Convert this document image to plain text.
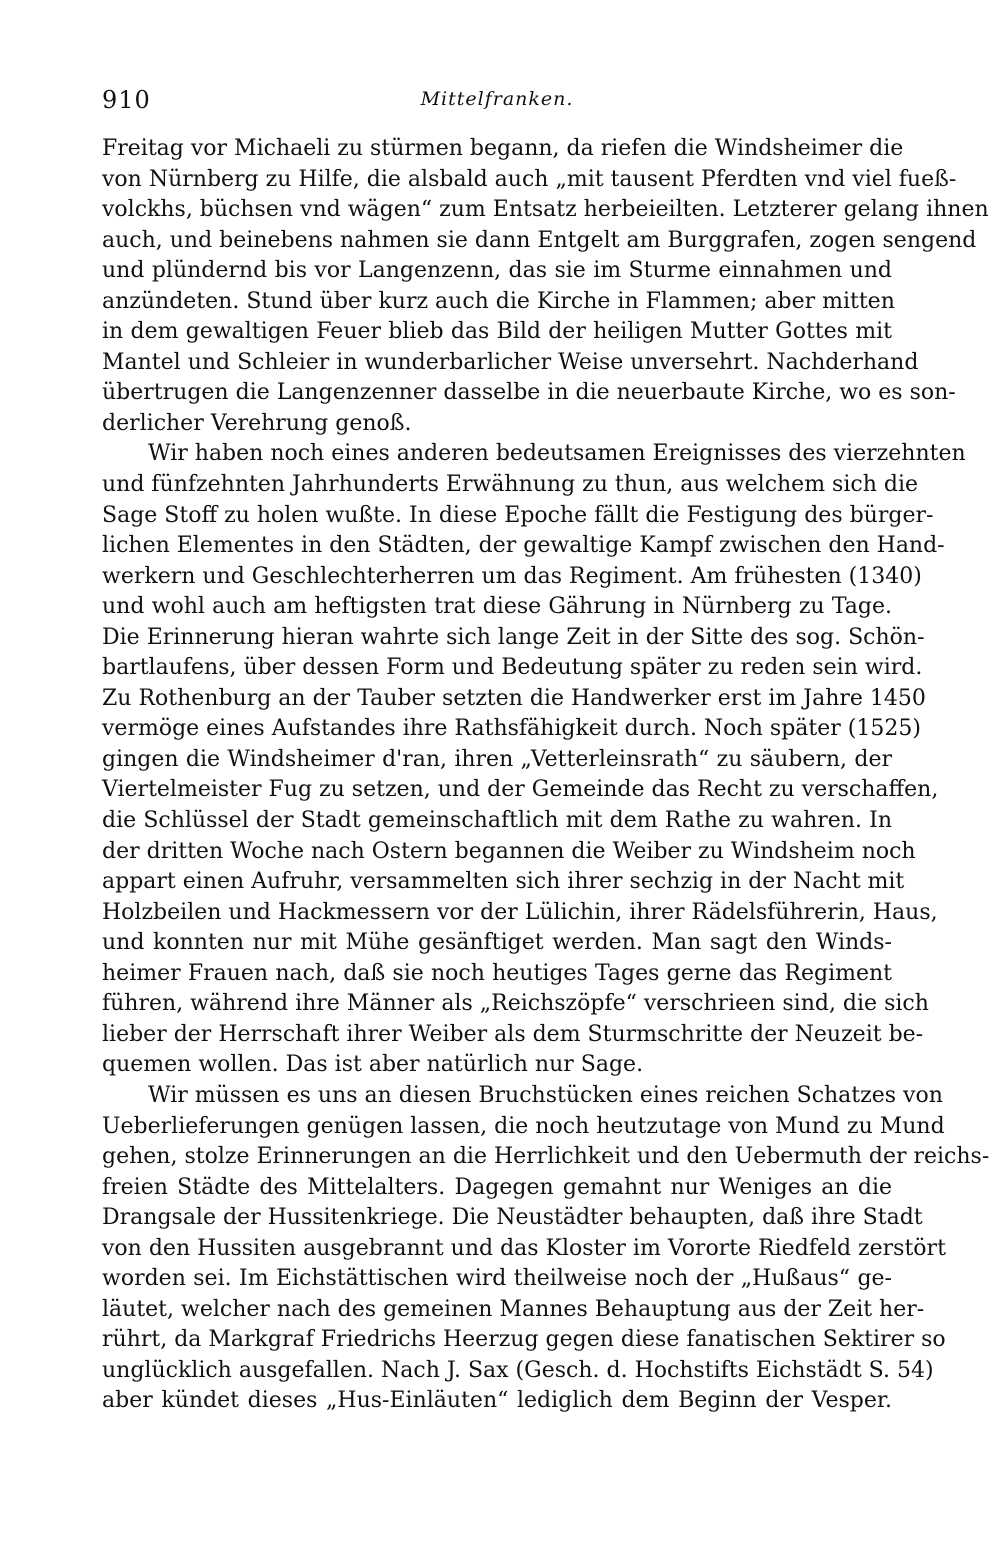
910	Mittelfranken.
Freitag vor Michaeli zu stürmen begann, da riefen die Windsheimer die
von Nürnberg zu Hilfe, die alsbald auch „mit tausent Pferdten vnd viel fueß-
volckhs, büchsen vnd wägen“ zum Entsatz herbeieilten. Letzterer gelang ihnen
auch, und beinebens nahmen sie dann Entgelt am Burggrafen, zogen sengend
und plündernd bis vor Langenzenn, das sie im Sturme einnahmen und
anzündeten. Stund über kurz auch die Kirche in Flammen; aber mitten
in dem gewaltigen Feuer blieb das Bild der heiligen Mutter Gottes mit
Mantel und Schleier in wunderbarlicher Weise unversehrt. Nachderhand
übertrugen die Langenzenner dasselbe in die neuerbaute Kirche, wo es son-
derlicher Verehrung genoß.
Wir haben noch eines anderen bedeutsamen Ereignisses des vierzehnten
und fünfzehnten Jahrhunderts Erwähnung zu thun, aus welchem sich die
Sage Stoff zu holen wußte. In diese Epoche fällt die Festigung des bürger-
lichen Elementes in den Städten, der gewaltige Kampf zwischen den Hand-
werkern und Geschlechterherren um das Regiment. Am frühesten (1340)
und wohl auch am heftigsten trat diese Gährung in Nürnberg zu Tage.
Die Erinnerung hieran wahrte sich lange Zeit in der Sitte des sog. Schön-
bartlaufens, über dessen Form und Bedeutung später zu reden sein wird.
Zu Rothenburg an der Tauber setzten die Handwerker erst im Jahre 1450
vermöge eines Aufstandes ihre Rathsfähigkeit durch. Noch später (1525)
gingen die Windsheimer d'ran, ihren „Vetterleinsrath“ zu säubern, der
Viertelmeister Fug zu setzen, und der Gemeinde das Recht zu verschaffen,
die Schlüssel der Stadt gemeinschaftlich mit dem Rathe zu wahren. In
der dritten Woche nach Ostern begannen die Weiber zu Windsheim noch
appart einen Aufruhr, versammelten sich ihrer sechzig in der Nacht mit
Holzbeilen und Hackmessern vor der Lülichin, ihrer Rädelsführerin, Haus,
und konnten nur mit Mühe gesänftiget werden. Man sagt den Winds-
heimer Frauen nach, daß sie noch heutiges Tages gerne das Regiment
führen, während ihre Männer als „Reichszöpfe“ verschrieen sind, die sich
lieber der Herrschaft ihrer Weiber als dem Sturmschritte der Neuzeit be-
quemen wollen. Das ist aber natürlich nur Sage.
Wir müssen es uns an diesen Bruchstücken eines reichen Schatzes von
Ueberlieferungen genügen lassen, die noch heutzutage von Mund zu Mund
gehen, stolze Erinnerungen an die Herrlichkeit und den Uebermuth der reichs-
freien Städte des Mittelalters. Dagegen gemahnt nur Weniges an die
Drangsale der Hussitenkriege. Die Neustädter behaupten, daß ihre Stadt
von den Hussiten ausgebrannt und das Kloster im Vororte Riedfeld zerstört
worden sei. Im Eichstättischen wird theilweise noch der „Hußaus“ ge-
läutet, welcher nach des gemeinen Mannes Behauptung aus der Zeit her-
rührt, da Markgraf Friedrichs Heerzug gegen diese fanatischen Sektirer so
unglücklich ausgefallen. Nach J. Sax (Gesch. d. Hochstifts Eichstädt S. 54)
aber kündet dieses „Hus-Einläuten“ lediglich dem Beginn der Vesper.
